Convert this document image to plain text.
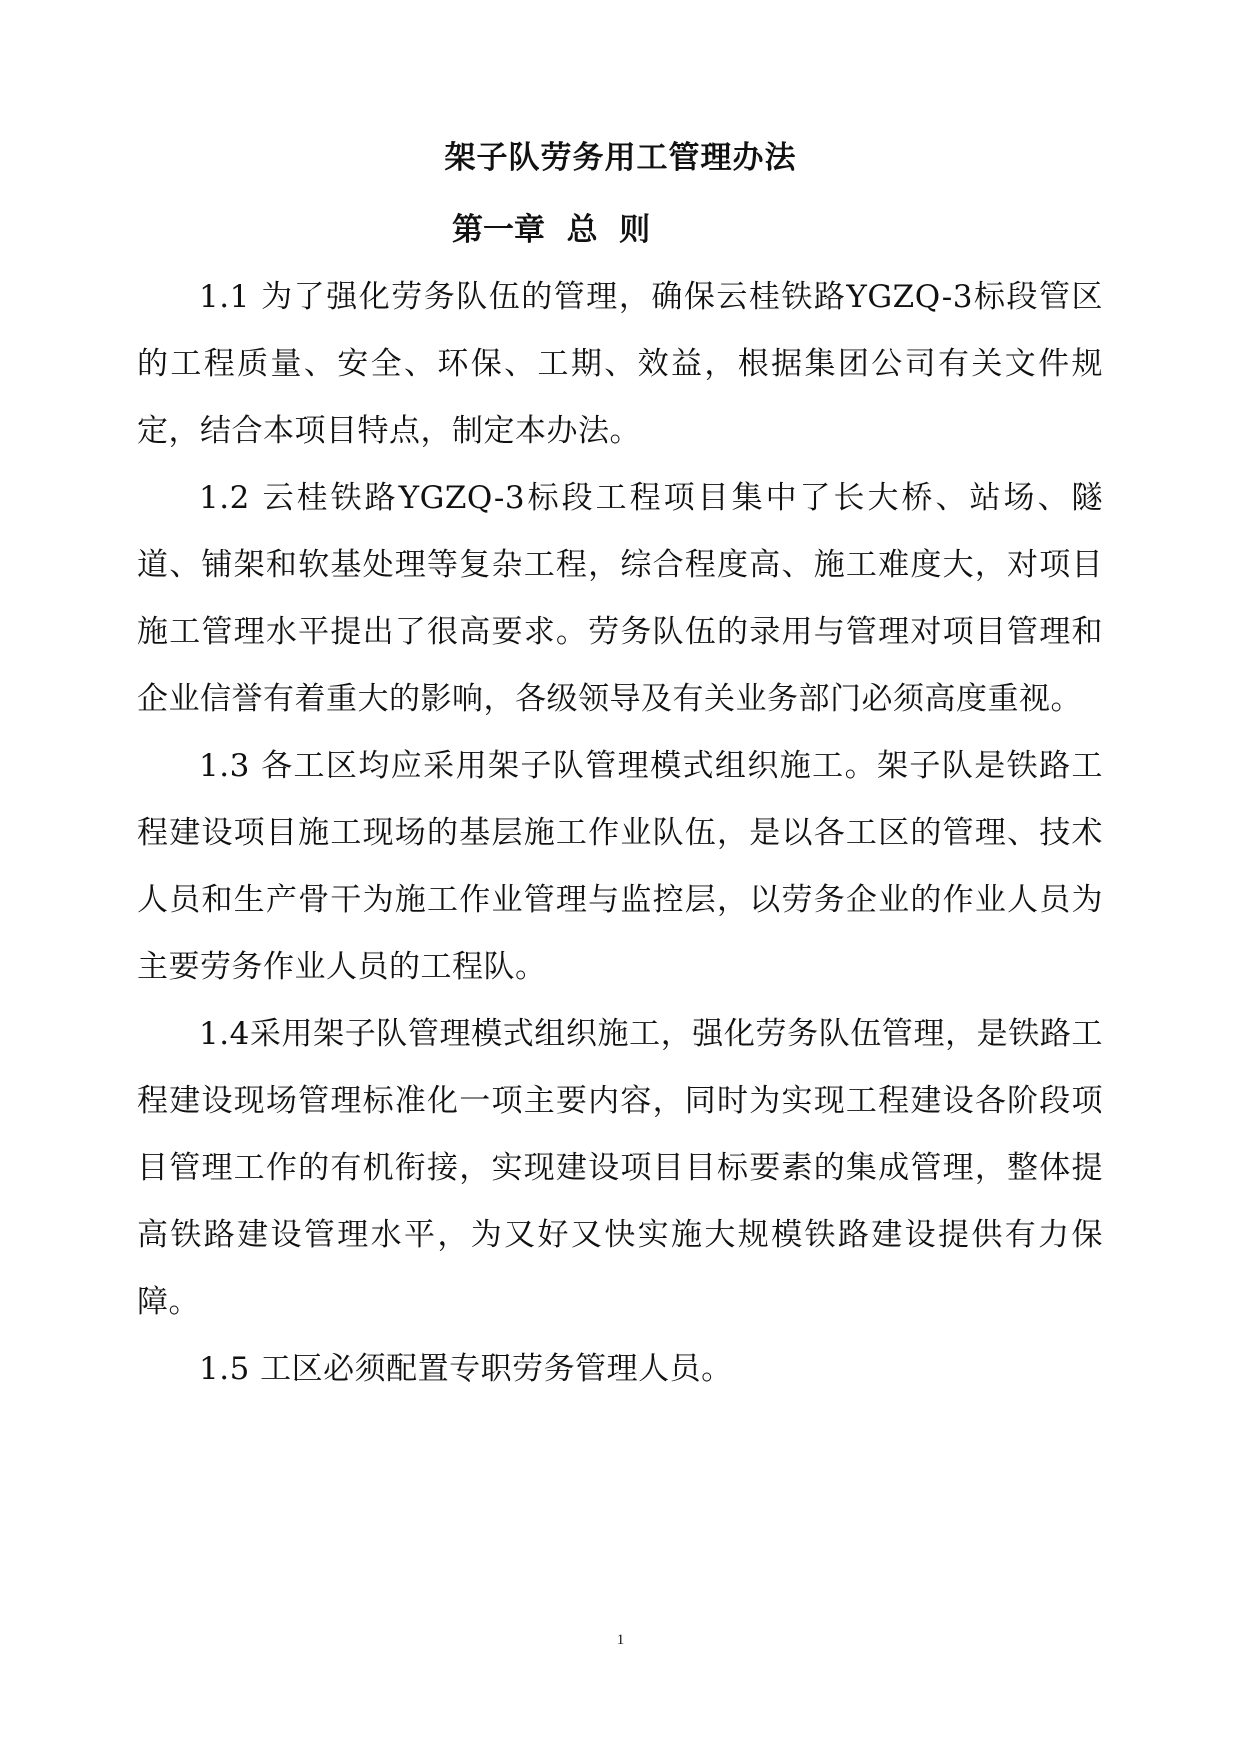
架子队劳务用工管理办法
第一章  总  则

1.1 为了强化劳务队伍的管理，确保云桂铁路YGZQ-3标段管区的工程质量、安全、环保、工期、效益，根据集团公司有关文件规定，结合本项目特点，制定本办法。

1.2 云桂铁路YGZQ-3标段工程项目集中了长大桥、站场、隧道、铺架和软基处理等复杂工程，综合程度高、施工难度大，对项目施工管理水平提出了很高要求。劳务队伍的录用与管理对项目管理和企业信誉有着重大的影响，各级领导及有关业务部门必须高度重视。

1.3 各工区均应采用架子队管理模式组织施工。架子队是铁路工程建设项目施工现场的基层施工作业队伍，是以各工区的管理、技术人员和生产骨干为施工作业管理与监控层，以劳务企业的作业人员为主要劳务作业人员的工程队。

1.4采用架子队管理模式组织施工，强化劳务队伍管理，是铁路工程建设现场管理标准化一项主要内容，同时为实现工程建设各阶段项目管理工作的有机衔接，实现建设项目目标要素的集成管理，整体提高铁路建设管理水平，为又好又快实施大规模铁路建设提供有力保障。

1.5 工区必须配置专职劳务管理人员。

1
